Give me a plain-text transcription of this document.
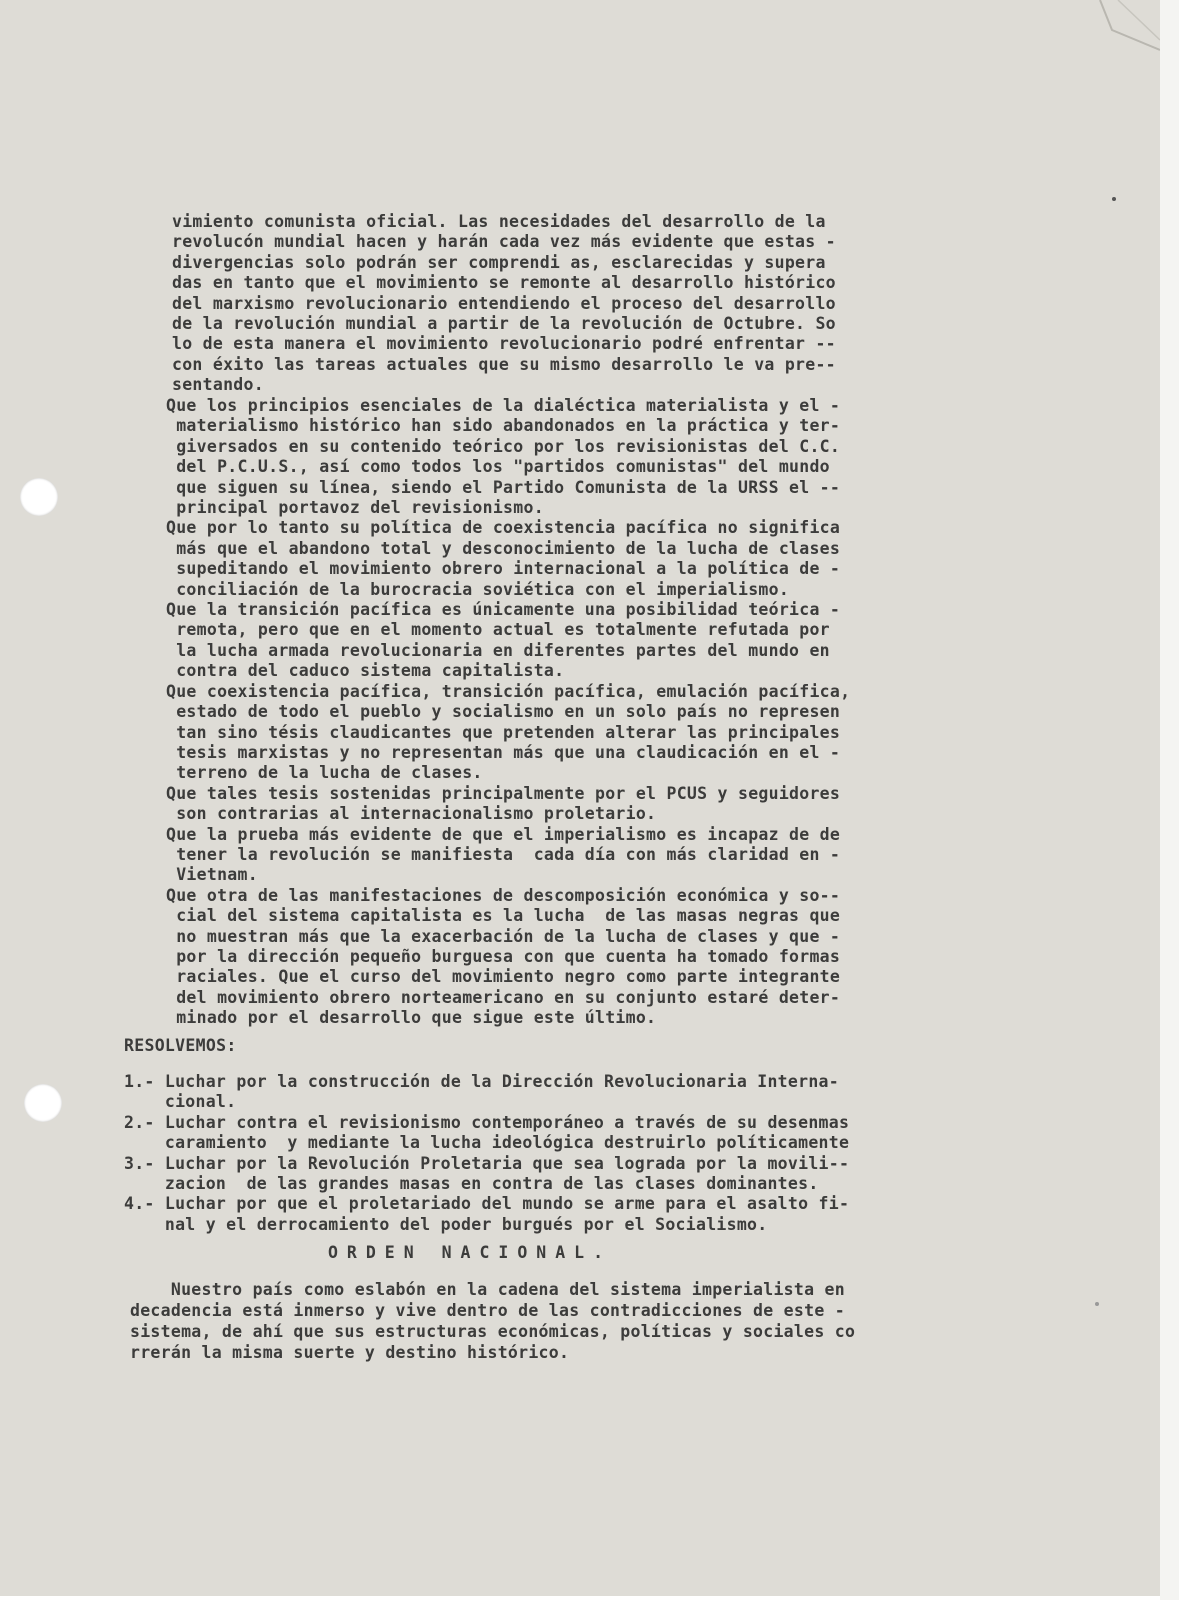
vimiento comunista oficial. Las necesidades del desarrollo de la
revolucón mundial hacen y harán cada vez más evidente que estas -
divergencias solo podrán ser comprendi as, esclarecidas y supera
das en tanto que el movimiento se remonte al desarrollo histórico
del marxismo revolucionario entendiendo el proceso del desarrollo
de la revolución mundial a partir de la revolución de Octubre. So
lo de esta manera el movimiento revolucionario podré enfrentar --
con éxito las tareas actuales que su mismo desarrollo le va pre--
sentando.
Que los principios esenciales de la dialéctica materialista y el -
materialismo histórico han sido abandonados en la práctica y ter-
giversados en su contenido teórico por los revisionistas del C.C.
del P.C.U.S., así como todos los "partidos comunistas" del mundo
que siguen su línea, siendo el Partido Comunista de la URSS el --
principal portavoz del revisionismo.
Que por lo tanto su política de coexistencia pacífica no significa
más que el abandono total y desconocimiento de la lucha de clases
supeditando el movimiento obrero internacional a la política de -
conciliación de la burocracia soviética con el imperialismo.
Que la transición pacífica es únicamente una posibilidad teórica -
remota, pero que en el momento actual es totalmente refutada por
la lucha armada revolucionaria en diferentes partes del mundo en
contra del caduco sistema capitalista.
Que coexistencia pacífica, transición pacífica, emulación pacífica,
estado de todo el pueblo y socialismo en un solo país no represen
tan sino tésis claudicantes que pretenden alterar las principales
tesis marxistas y no representan más que una claudicación en el -
terreno de la lucha de clases.
Que tales tesis sostenidas principalmente por el PCUS y seguidores
son contrarias al internacionalismo proletario.
Que la prueba más evidente de que el imperialismo es incapaz de de
tener la revolución se manifiesta  cada día con más claridad en -
Vietnam.
Que otra de las manifestaciones de descomposición económica y so--
cial del sistema capitalista es la lucha  de las masas negras que
no muestran más que la exacerbación de la lucha de clases y que -
por la dirección pequeño burguesa con que cuenta ha tomado formas
raciales. Que el curso del movimiento negro como parte integrante
del movimiento obrero norteamericano en su conjunto estaré deter-
minado por el desarrollo que sigue este último.
RESOLVEMOS:
1.- Luchar por la construcción de la Dirección Revolucionaria Interna-
cional.
2.- Luchar contra el revisionismo contemporáneo a través de su desenmas
caramiento  y mediante la lucha ideológica destruirlo políticamente
3.- Luchar por la Revolución Proletaria que sea lograda por la movili--
zacion  de las grandes masas en contra de las clases dominantes.
4.- Luchar por que el proletariado del mundo se arme para el asalto fi-
nal y el derrocamiento del poder burgués por el Socialismo.
ORDEN NACIONAL.
Nuestro país como eslabón en la cadena del sistema imperialista en
decadencia está inmerso y vive dentro de las contradicciones de este -
sistema, de ahí que sus estructuras económicas, políticas y sociales co
rrerán la misma suerte y destino histórico.
